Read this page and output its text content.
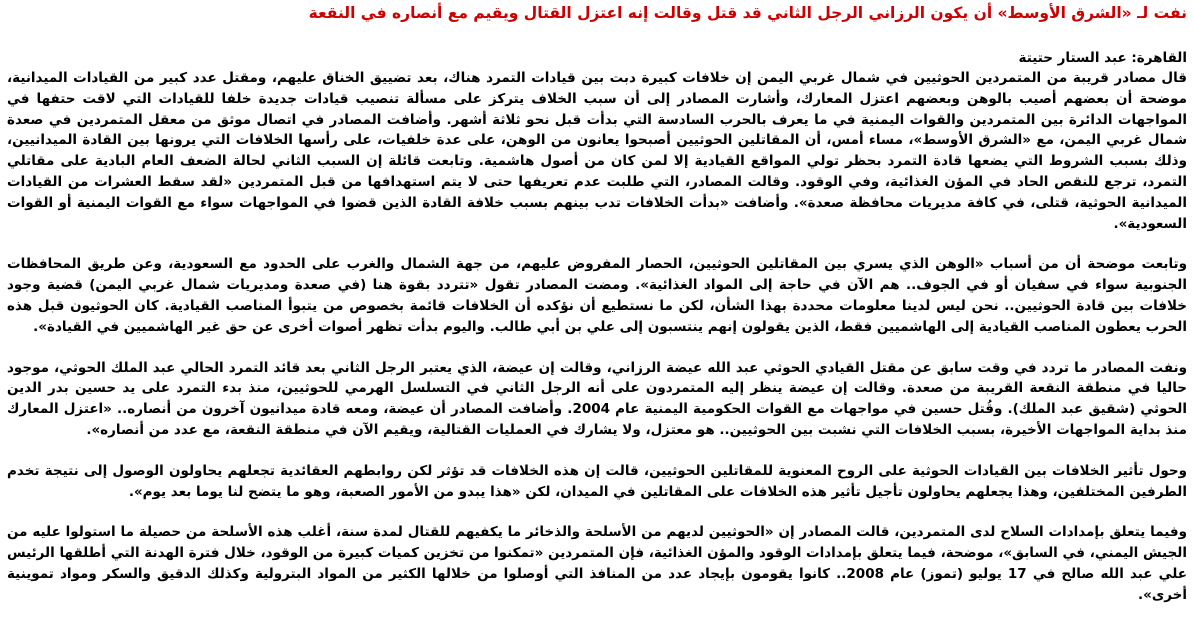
نفت لـ «الشرق الأوسط» أن يكون الرزاني الرجل الثاني قد قتل وقالت إنه اعتزل القتال ويقيم مع أنصاره في النقعة

القاهرة: عبد الستار حتيتة

قال مصادر قريبة من المتمردين الحوثيين في شمال غربي اليمن إن خلافات كبيرة دبت بين قيادات التمرد هناك، بعد تضييق الخناق عليهم، ومقتل عدد كبير من القيادات الميدانية، موضحة أن بعضهم أصيب بالوهن وبعضهم اعتزل المعارك، وأشارت المصادر إلى أن سبب الخلاف يتركز على مسألة تنصيب قيادات جديدة خلفا للقيادات التي لاقت حتفها في المواجهات الدائرة بين المتمردين والقوات اليمنية في ما يعرف بالحرب السادسة التي بدأت قبل نحو ثلاثة أشهر. وأضافت المصادر في اتصال موثق من معقل المتمردين في صعدة شمال غربي اليمن، مع «الشرق الأوسط»، مساء أمس، أن المقاتلين الحوثيين أصبحوا يعانون من الوهن، على عدة خلفيات، على رأسها الخلافات التي يرونها بين القادة الميدانيين، وذلك بسبب الشروط التي يضعها قادة التمرد بحظر تولي المواقع القيادية إلا لمن كان من أصول هاشمية. وتابعت قائلة إن السبب الثاني لحالة الضعف العام البادية على مقاتلي التمرد، ترجع للنقص الحاد في المؤن الغذائية، وفي الوقود. وقالت المصادر، التي طلبت عدم تعريفها حتى لا يتم استهدافها من قبل المتمردين «لقد سقط العشرات من القيادات الميدانية الحوثية، قتلى، في كافة مديريات محافظة صعدة». وأضافت «بدأت الخلافات تدب بينهم بسبب خلافة القادة الذين قضوا في المواجهات سواء مع القوات اليمنية أو القوات السعودية».

وتابعت موضحة أن من أسباب «الوهن الذي يسري بين المقاتلين الحوثيين، الحصار المفروض عليهم، من جهة الشمال والغرب على الحدود مع السعودية، وعن طريق المحافظات الجنوبية سواء في سفيان أو في الجوف.. هم الآن في حاجة إلى المواد الغذائية». ومضت المصادر تقول «تتردد بقوة هنا (في صعدة ومديريات شمال غربي اليمن) قضية وجود خلافات بين قادة الحوثيين.. نحن ليس لدينا معلومات محددة بهذا الشأن، لكن ما نستطيع أن نؤكده أن الخلافات قائمة بخصوص من يتبوأ المناصب القيادية. كان الحوثيون قبل هذه الحرب يعطون المناصب القيادية إلى الهاشميين فقط، الذين يقولون إنهم ينتسبون إلى علي بن أبي طالب. واليوم بدأت تظهر أصوات أخرى عن حق غير الهاشميين في القيادة».

ونفت المصادر ما تردد في وقت سابق عن مقتل القيادي الحوثي عبد الله عيضة الرزاني، وقالت إن عيضة، الذي يعتبر الرجل الثاني بعد قائد التمرد الحالي عبد الملك الحوثي، موجود حاليا في منطقة النقعة القريبة من صعدة. وقالت إن عيضة ينظر إليه المتمردون على أنه الرجل الثاني في التسلسل الهرمي للحوثيين، منذ بدء التمرد على يد حسين بدر الدين الحوثي (شقيق عبد الملك). وقُتل حسين في مواجهات مع القوات الحكومية اليمنية عام 2004. وأضافت المصادر أن عيضة، ومعه قادة ميدانيون آخرون من أنصاره.. «اعتزل المعارك منذ بداية المواجهات الأخيرة، بسبب الخلافات التي نشبت بين الحوثيين.. هو معتزل، ولا يشارك في العمليات القتالية، ويقيم الآن في منطقة النقعة، مع عدد من أنصاره».

وحول تأثير الخلافات بين القيادات الحوثية على الروح المعنوية للمقاتلين الحوثيين، قالت إن هذه الخلافات قد تؤثر لكن روابطهم العقائدية تجعلهم يحاولون الوصول إلى نتيجة تخدم الطرفين المختلفين، وهذا يجعلهم يحاولون تأجيل تأثير هذه الخلافات على المقاتلين في الميدان، لكن «هذا يبدو من الأمور الصعبة، وهو ما يتضح لنا يوما بعد يوم».

وفيما يتعلق بإمدادات السلاح لدى المتمردين، قالت المصادر إن «الحوثيين لديهم من الأسلحة والذخائر ما يكفيهم للقتال لمدة سنة، أغلب هذه الأسلحة من حصيلة ما استولوا عليه من الجيش اليمني، في السابق»، موضحة، فيما يتعلق بإمدادات الوقود والمؤن الغذائية، فإن المتمردين «تمكنوا من تخزين كميات كبيرة من الوقود، خلال فترة الهدنة التي أطلقها الرئيس علي عبد الله صالح في 17 يوليو (تموز) عام 2008.. كانوا يقومون بإيجاد عدد من المنافذ التي أوصلوا من خلالها الكثير من المواد البترولية وكذلك الدقيق والسكر ومواد تموينية أخرى».
